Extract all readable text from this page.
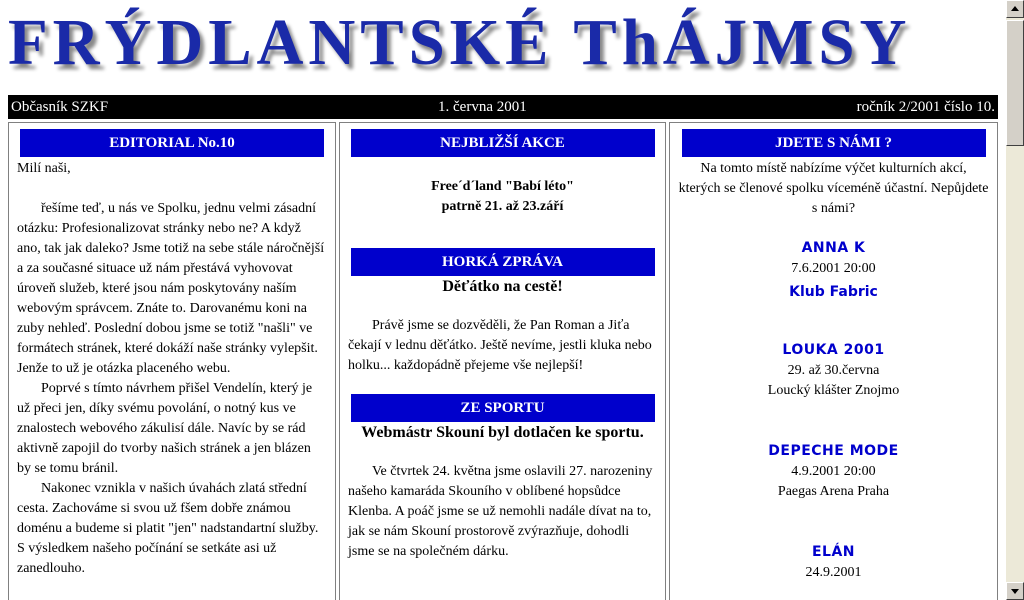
FRÝDLANTSKÉ ThÁJMSY
Občasník SZKF	1. června 2001	ročník 2/2001 číslo 10.
EDITORIAL No.10

Milí naši,

řešíme teď, u nás ve Spolku, jednu velmi zásadní otázku: Profesionalizovat stránky nebo ne? A když ano, tak jak daleko? Jsme totiž na sebe stále náročnější a za současné situace už nám přestává vyhovovat úroveň služeb, které jsou nám poskytovány naším webovým správcem. Znáte to. Darovanému koni na zuby nehleď. Poslední dobou jsme se totiž "našli" ve formátech stránek, které dokáží naše stránky vylepšit. Jenže to už je otázka placeného webu.

Poprvé s tímto návrhem přišel Vendelín, který je už přeci jen, díky svému povolání, o notný kus ve znalostech webového zákulisí dále. Navíc by se rád aktivně zapojil do tvorby našich stránek a jen blázen by se tomu bránil.

Nakonec vznikla v našich úvahách zlatá střední cesta. Zachováme si svou už fšem dobře známou doménu a budeme si platit "jen" nadstandartní služby. S výsledkem našeho počínání se setkáte asi už zanedlouho.

NEJBLIŽŠÍ AKCE

Free´d´land "Babí léto"

patrně 21. až 23.září

HORKÁ ZPRÁVA

Děťátko na cestě!

Právě jsme se dozvěděli, že Pan Roman a Jiťa čekají v lednu děťátko. Ještě nevíme, jestli kluka nebo holku... každopádně přejeme vše nejlepší!

ZE SPORTU

Webmástr Skouní byl dotlačen ke sportu.

Ve čtvrtek 24. května jsme oslavili 27. narozeniny našeho kamaráda Skouního v oblíbené hopsůdce Klenba. A poáč jsme se už nemohli nadále dívat na to, jak se nám Skouní prostorově zvýrazňuje, dohodli jsme se na společném dárku.

JDETE S NÁMI ?

Na tomto místě nabízíme výčet kulturních akcí, kterých se členové spolku víceméně účastní. Nepůjdete s námi?

ANNA K
7.6.2001 20:00
Klub Fabric
LOUKA 2001
29. až 30.června
Loucký klášter Znojmo
DEPECHE MODE
4.9.2001 20:00
Paegas Arena Praha
ELÁN
24.9.2001
